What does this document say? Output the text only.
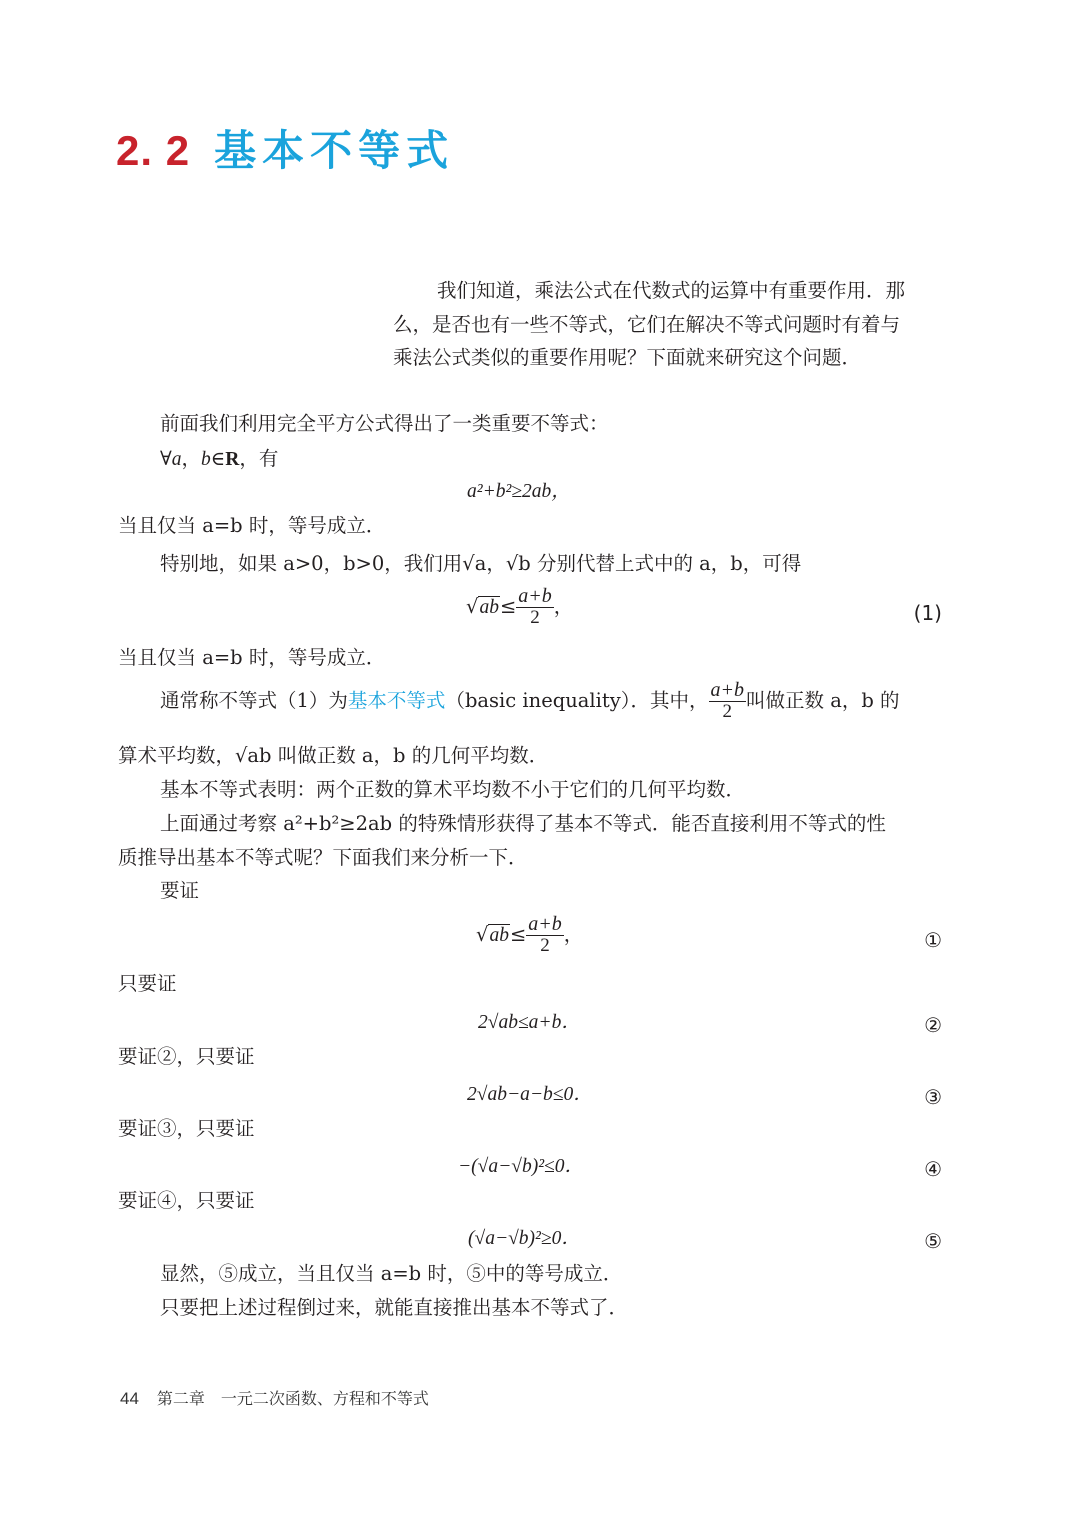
2. 2 基本不等式
我们知道，乘法公式在代数式的运算中有重要作用．那
么，是否也有一些不等式，它们在解决不等式问题时有着与
乘法公式类似的重要作用呢？下面就来研究这个问题．
前面我们利用完全平方公式得出了一类重要不等式：
∀a，b∈R，有
a²+b²≥2ab，
当且仅当 a=b 时，等号成立．
特别地，如果 a>0，b>0，我们用√a，√b 分别代替上式中的 a，b，可得
$√ab\le \frac{a+b}{2}$ ，	(1)
当且仅当 a=b 时，等号成立．
通常称不等式（1）为基本不等式（basic inequality）．其中， $\frac{a+b}{2}$ 叫做正数 a，b 的
算术平均数，√ab 叫做正数 a，b 的几何平均数．
基本不等式表明：两个正数的算术平均数不小于它们的几何平均数．
上面通过考察 a²+b²≥2ab 的特殊情形获得了基本不等式．能否直接利用不等式的性
质推导出基本不等式呢？下面我们来分析一下．
要证
$√ab\le \frac{a+b}{2}$ ，	①
只要证
2√ab≤a+b．	②
要证②，只要证
2√ab−a−b≤0．	③
要证③，只要证
−(√a−√b)²≤0．	④
要证④，只要证
(√a−√b)²≥0．	⑤
显然，⑤成立，当且仅当 a=b 时，⑤中的等号成立．
只要把上述过程倒过来，就能直接推出基本不等式了．
44 第二章　一元二次函数、方程和不等式
